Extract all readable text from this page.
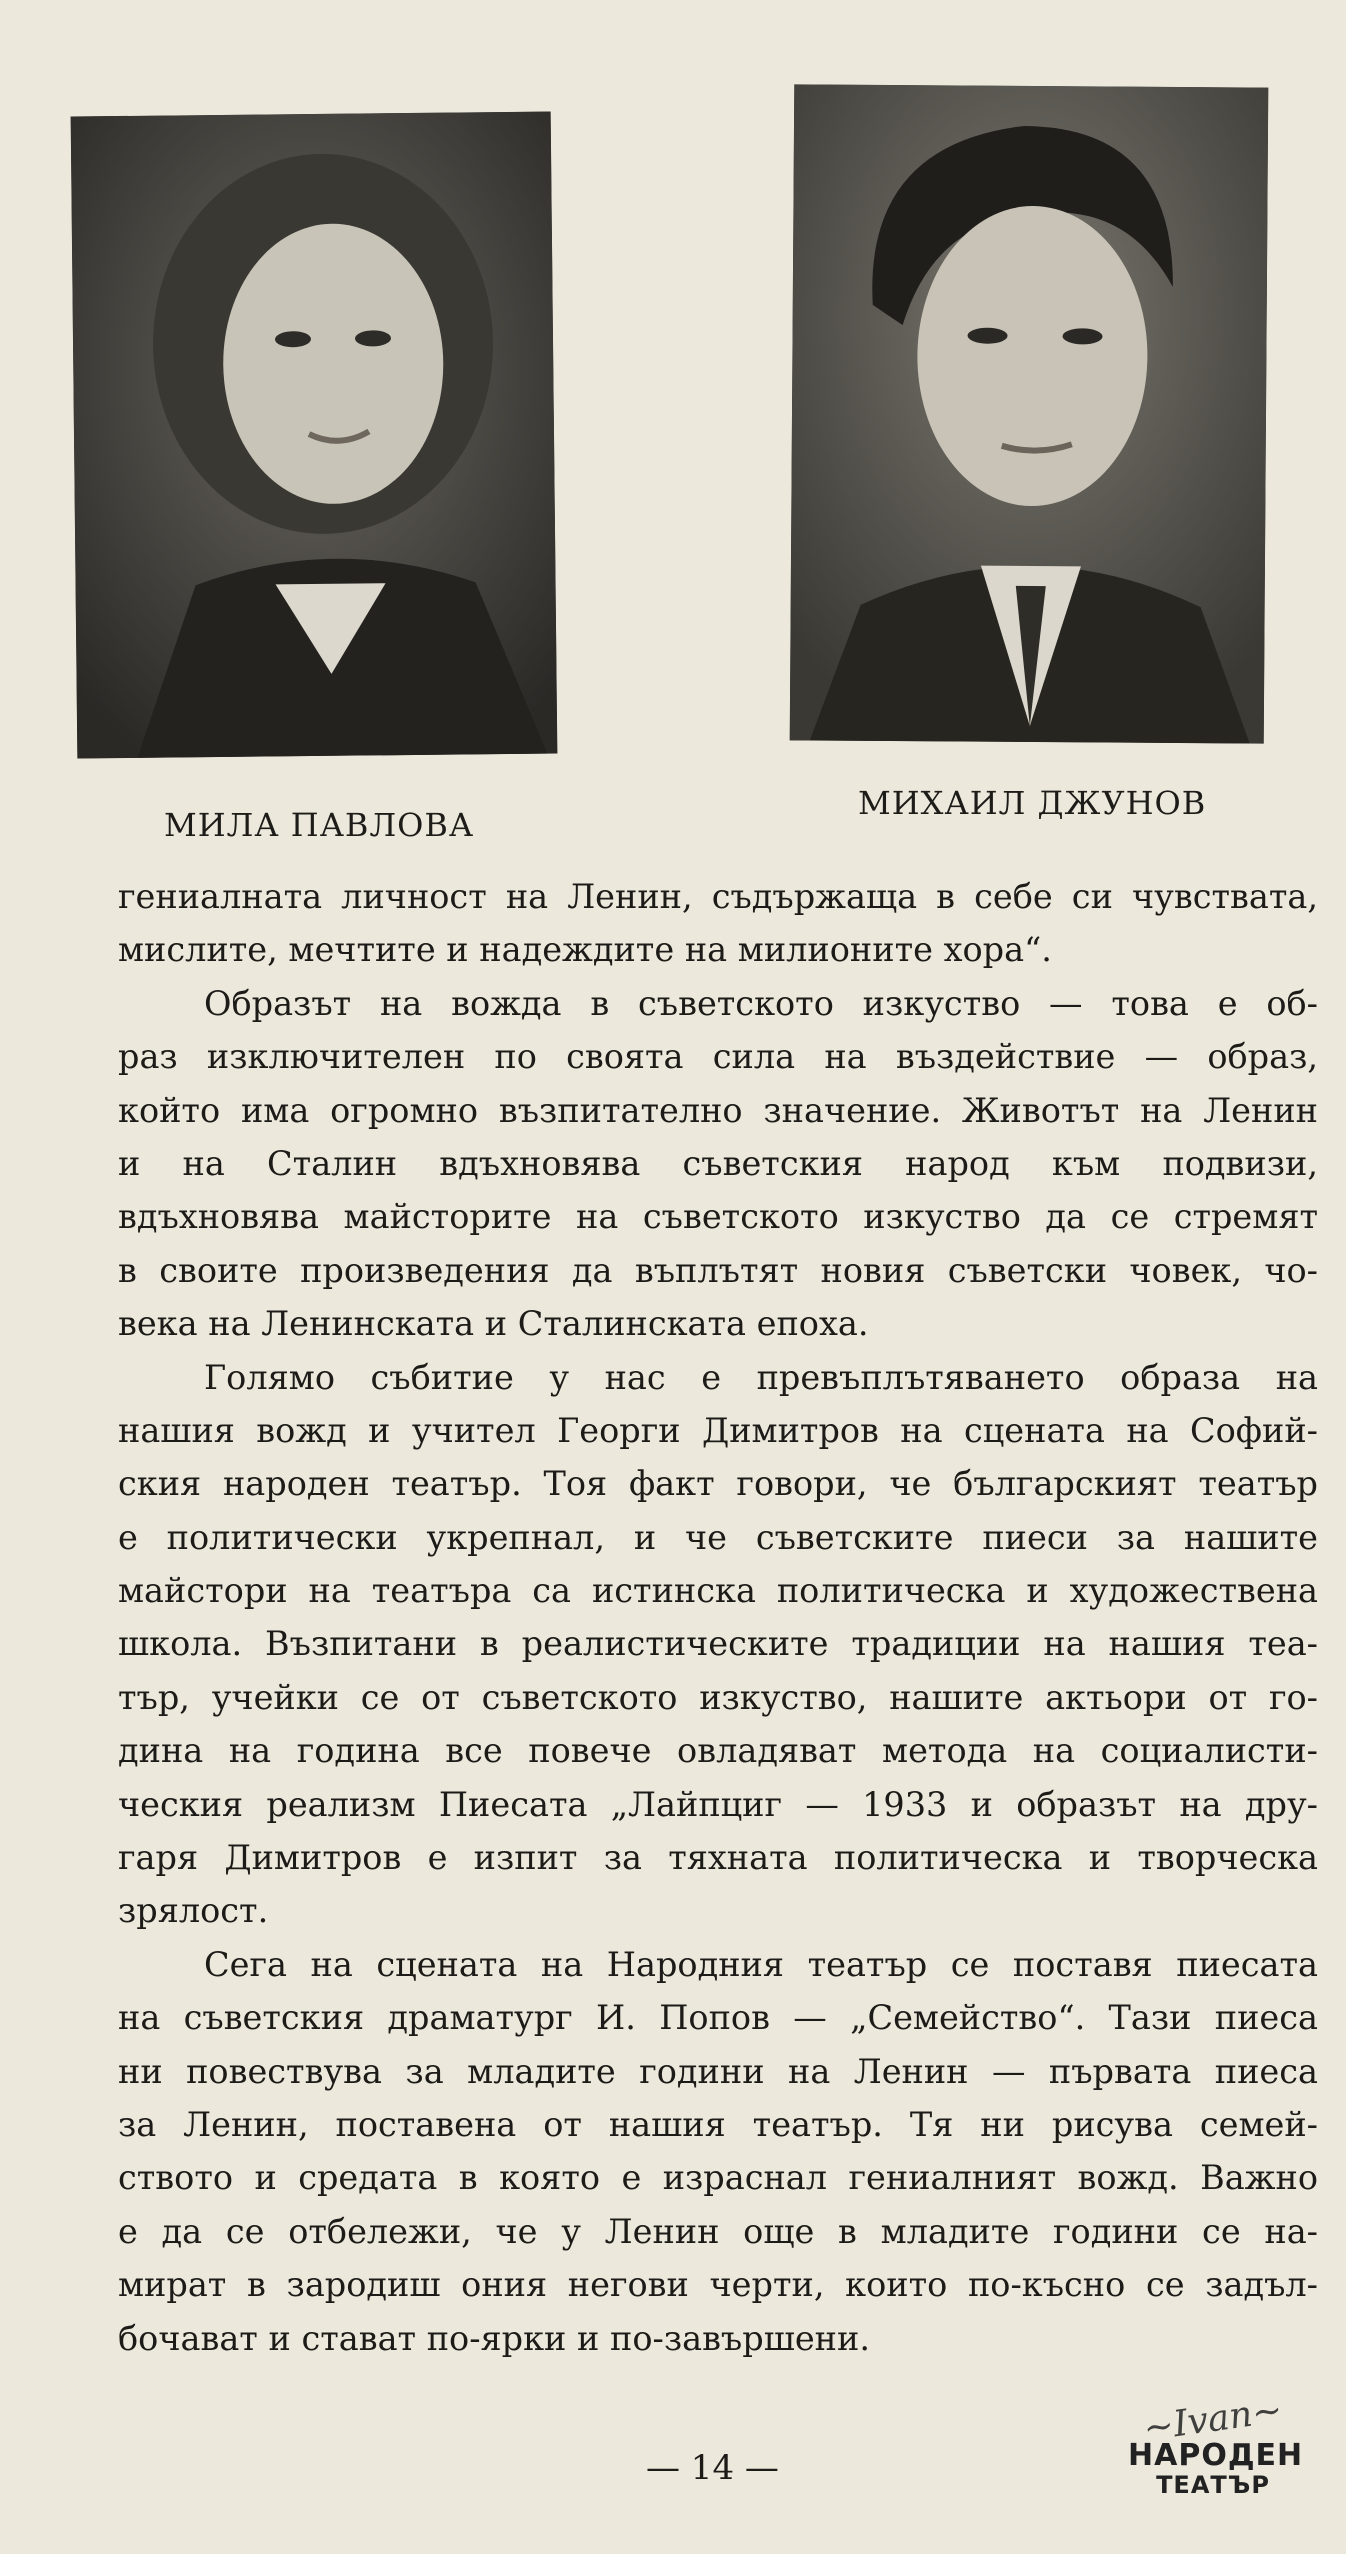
МИЛА ПАВЛОВА
МИХАИЛ ДЖУНОВ
гениалната личност на Ленин, съдържаща в себе си чувствата,
мислите, мечтите и надеждите на милионите хора“.
Образът на вожда в съветското изкуство — това е об-
раз изключителен по своята сила на въздействие — образ,
който има огромно възпитателно значение. Животът на Ленин
и на Сталин вдъхновява съветския народ към подвизи,
вдъхновява майсторите на съветското изкуство да се стремят
в своите произведения да въплътят новия съветски човек, чо-
века на Ленинската и Сталинската епоха.
Голямо събитие у нас е превъплътяването образа на
нашия вожд и учител Георги Димитров на сцената на Софий-
ския народен театър. Тоя факт говори, че българският театър
е политически укрепнал, и че съветските пиеси за нашите
майстори на театъра са истинска политическа и художествена
школа. Възпитани в реалистическите традиции на нашия теа-
тър, учейки се от съветското изкуство, нашите актьори от го-
дина на година все повече овладяват метода на социалисти-
ческия реализм Пиесата „Лайпциг — 1933 и образът на дру-
гаря Димитров е изпит за тяхната политическа и творческа
зрялост.
Сега на сцената на Народния театър се поставя пиесата
на съветския драматург И. Попов — „Семейство“. Тази пиеса
ни повествува за младите години на Ленин — първата пиеса
за Ленин, поставена от нашия театър. Тя ни рисува семей-
ството и средата в която е израснал гениалният вожд. Важно
е да се отбележи, че у Ленин още в младите години се на-
мират в зародиш ония негови черти, които по-късно се задъл-
бочават и стават по-ярки и по-завършени.
— 14 —
~Ivan~
НАРОДЕН
ТЕАТЪР
